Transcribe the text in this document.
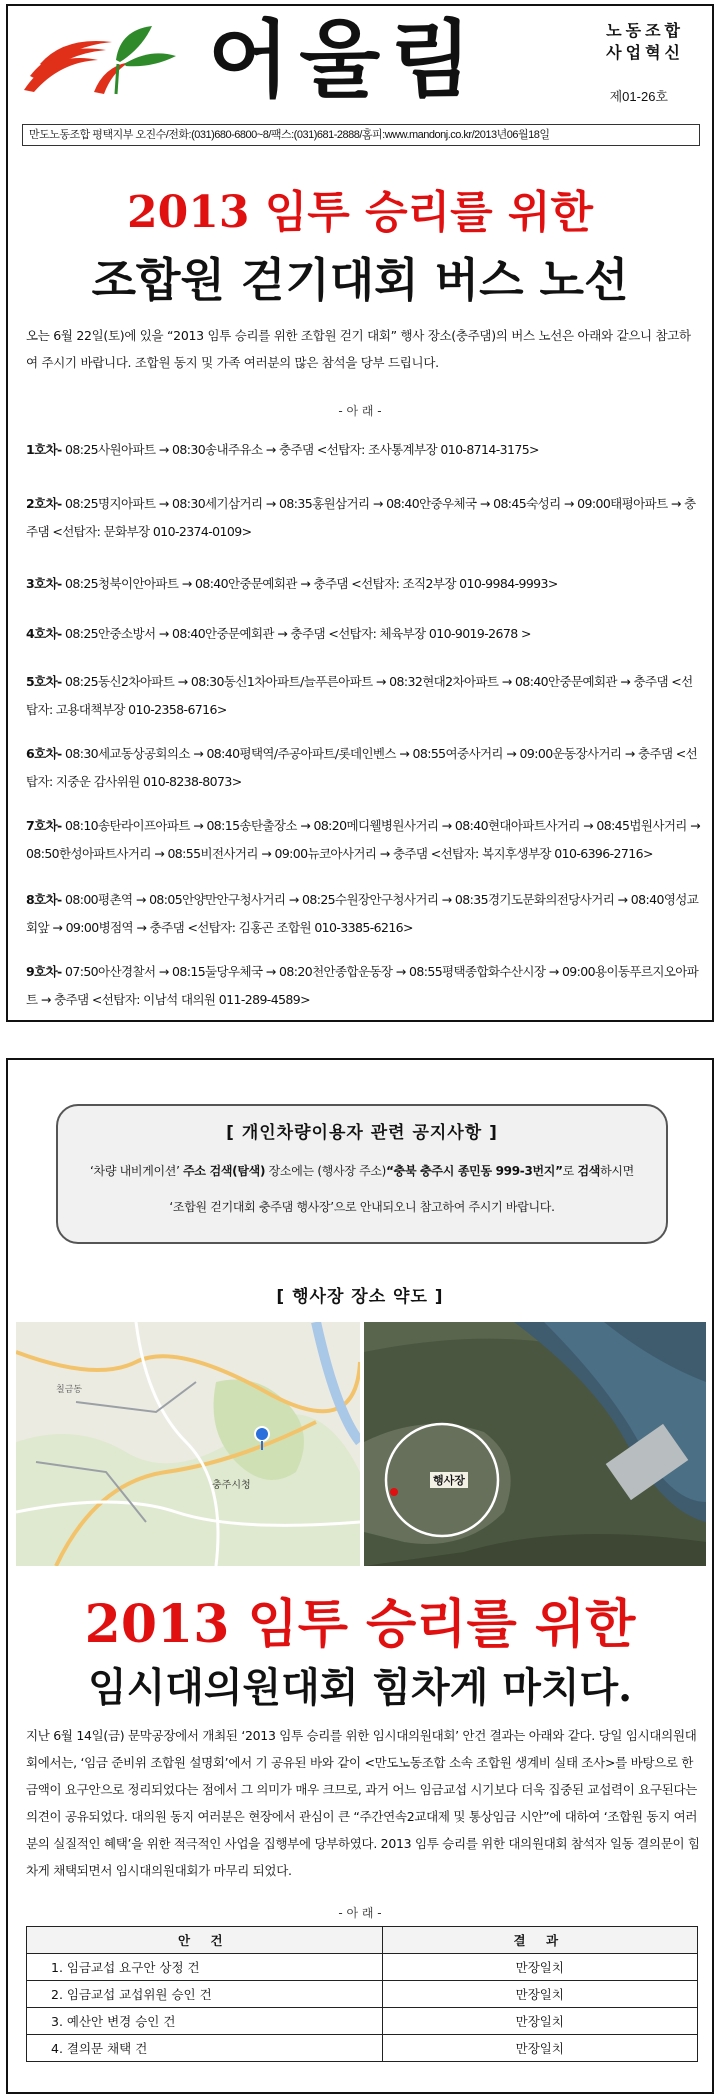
어울림	노동조합
사업혁신
제01-26호
만도노동조합 평택지부 오진수/전화:(031)680-6800~8/팩스:(031)681-2888/홈피:www.mandonj.co.kr/2013년06월18일
2013 임투 승리를 위한
조합원 걷기대회 버스 노선
오는 6월 22일(토)에 있을 “2013 임투 승리를 위한 조합원 걷기 대회” 행사 장소(충주댐)의 버스 노선은 아래와 같으니 참고하여 주시기 바랍니다. 조합원 동지 및 가족 여러분의 많은 참석을 당부 드립니다.
- 아 래 -
1호차- 08:25사원아파트 → 08:30송내주유소 → 충주댐 <선탑자: 조사통계부장 010-8714-3175>
2호차- 08:25명지아파트 → 08:30세기삼거리 → 08:35홍원삼거리 → 08:40안중우체국 → 08:45숙성리 → 09:00태평아파트 → 충주댐 <선탑자: 문화부장 010-2374-0109>
3호차- 08:25청북이안아파트 → 08:40안중문예회관 → 충주댐 <선탑자: 조직2부장 010-9984-9993>
4호차- 08:25안중소방서 → 08:40안중문예회관 → 충주댐 <선탑자: 체육부장 010-9019-2678 >
5호차- 08:25동신2차아파트 → 08:30동신1차아파트/늘푸른아파트 → 08:32현대2차아파트 → 08:40안중문예회관 → 충주댐 <선탑자: 고용대책부장 010-2358-6716>
6호차- 08:30세교동상공회의소 → 08:40평택역/주공아파트/롯데인벤스 → 08:55여중사거리 → 09:00운동장사거리 → 충주댐 <선탑자: 지중운 감사위원 010-8238-8073>
7호차- 08:10송탄라이프아파트 → 08:15송탄출장소 → 08:20메디웰병원사거리 → 08:40현대아파트사거리 → 08:45법원사거리 → 08:50한성아파트사거리 → 08:55비전사거리 → 09:00뉴코아사거리 → 충주댐 <선탑자: 복지후생부장 010-6396-2716>
8호차- 08:00평촌역 → 08:05안양만안구청사거리 → 08:25수원장안구청사거리 → 08:35경기도문화의전당사거리 → 08:40영성교회앞 → 09:00병점역 → 충주댐 <선탑자: 김홍곤 조합원 010-3385-6216>
9호차- 07:50아산경찰서 → 08:15둘당우체국 → 08:20천안종합운동장 → 08:55평택종합화수산시장 → 09:00용이동푸르지오아파트 → 충주댐 <선탑자: 이남석 대의원 011-289-4589>
[ 개인차량이용자 관련 공지사항 ]
‘차량 내비게이션’ 주소 검색(탐색) 장소에는 (행사장 주소)“충북 충주시 종민동 999-3번지”로 검색하시면
‘조합원 걷기대회 충주댐 행사장’으로 안내되오니 참고하여 주시기 바랍니다.
[ 행사장 장소 약도 ]
충주시청
칠금동
행사장
2013 임투 승리를 위한
임시대의원대회 힘차게 마치다.
지난 6월 14일(금) 문막공장에서 개최된 ‘2013 임투 승리를 위한 임시대의원대회’ 안건 결과는 아래와 같다. 당일 임시대의원대회에서는, ‘임금 준비위 조합원 설명회’에서 기 공유된 바와 같이 <만도노동조합 소속 조합원 생계비 실태 조사>를 바탕으로 한 금액이 요구안으로 정리되었다는 점에서 그 의미가 매우 크므로, 과거 어느 임금교섭 시기보다 더욱 집중된 교섭력이 요구된다는 의견이 공유되었다. 대의원 동지 여러분은 현장에서 관심이 큰 “주간연속2교대제 및 통상임금 시안”에 대하여 ‘조합원 동지 여러분의 실질적인 혜택’을 위한 적극적인 사업을 집행부에 당부하였다. 2013 임투 승리를 위한 대의원대회 참석자 일동 결의문이 힘차게 채택되면서 임시대의원대회가 마무리 되었다.
- 아 래 -
안 건	결 과
1. 임금교섭 요구안 상정 건	만장일치
2. 임금교섭 교섭위원 승인 건	만장일치
3. 예산안 변경 승인 건	만장일치
4. 결의문 채택 건	만장일치
